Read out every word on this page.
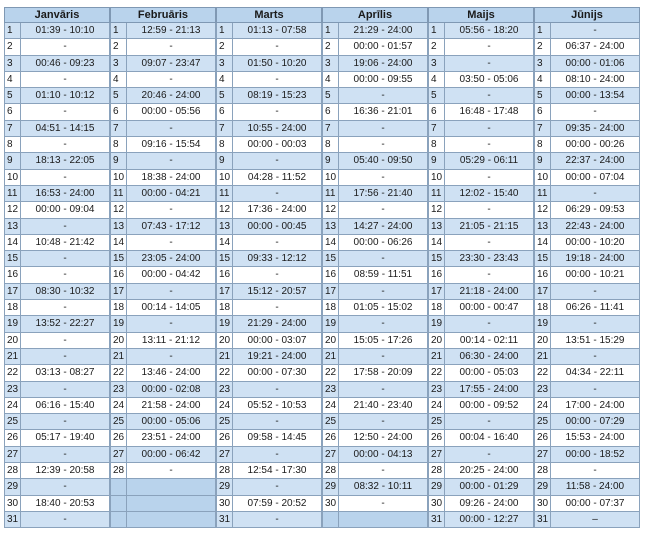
Janvāris
1	01:39 - 10:10
2	-
3	00:46 - 09:23
4	-
5	01:10 - 10:12
6	-
7	04:51 - 14:15
8	-
9	18:13 - 22:05
10	-
11	16:53 - 24:00
12	00:00 - 09:04
13	-
14	10:48 - 21:42
15	-
16	-
17	08:30 - 10:32
18	-
19	13:52 - 22:27
20	-
21	-
22	03:13 - 08:27
23	-
24	06:16 - 15:40
25	-
26	05:17 - 19:40
27	-
28	12:39 - 20:58
29	-
30	18:40 - 20:53
31	-
Februāris
1	12:59 - 21:13
2	-
3	09:07 - 23:47
4	-
5	20:46 - 24:00
6	00:00 - 05:56
7	-
8	09:16 - 15:54
9	-
10	18:38 - 24:00
11	00:00 - 04:21
12	-
13	07:43 - 17:12
14	-
15	23:05 - 24:00
16	00:00 - 04:42
17	-
18	00:14 - 14:05
19	-
20	13:11 - 21:12
21	-
22	13:46 - 24:00
23	00:00 - 02:08
24	21:58 - 24:00
25	00:00 - 05:06
26	23:51 - 24:00
27	00:00 - 06:42
28	-
Marts
1	01:13 - 07:58
2	-
3	01:50 - 10:20
4	-
5	08:19 - 15:23
6	-
7	10:55 - 24:00
8	00:00 - 00:03
9	-
10	04:28 - 11:52
11	-
12	17:36 - 24:00
13	00:00 - 00:45
14	-
15	09:33 - 12:12
16	-
17	15:12 - 20:57
18	-
19	21:29 - 24:00
20	00:00 - 03:07
21	19:21 - 24:00
22	00:00 - 07:30
23	-
24	05:52 - 10:53
25	-
26	09:58 - 14:45
27	-
28	12:54 - 17:30
29	-
30	07:59 - 20:52
31	-
Aprīlis
1	21:29 - 24:00
2	00:00 - 01:57
3	19:06 - 24:00
4	00:00 - 09:55
5	-
6	16:36 - 21:01
7	-
8	-
9	05:40 - 09:50
10	-
11	17:56 - 21:40
12	-
13	14:27 - 24:00
14	00:00 - 06:26
15	-
16	08:59 - 11:51
17	-
18	01:05 - 15:02
19	-
20	15:05 - 17:26
21	-
22	17:58 - 20:09
23	-
24	21:40 - 23:40
25	-
26	12:50 - 24:00
27	00:00 - 04:13
28	-
29	08:32 - 10:11
30	-
Maijs
1	05:56 - 18:20
2	-
3	-
4	03:50 - 05:06
5	-
6	16:48 - 17:48
7	-
8	-
9	05:29 - 06:11
10	-
11	12:02 - 15:40
12	-
13	21:05 - 21:15
14	-
15	23:30 - 23:43
16	-
17	21:18 - 24:00
18	00:00 - 00:47
19	-
20	00:14 - 02:11
21	06:30 - 24:00
22	00:00 - 05:03
23	17:55 - 24:00
24	00:00 - 09:52
25	-
26	00:04 - 16:40
27	-
28	20:25 - 24:00
29	00:00 - 01:29
30	09:26 - 24:00
31	00:00 - 12:27
Jūnijs
1	-
2	06:37 - 24:00
3	00:00 - 01:06
4	08:10 - 24:00
5	00:00 - 13:54
6	-
7	09:35 - 24:00
8	00:00 - 00:26
9	22:37 - 24:00
10	00:00 - 07:04
11	-
12	06:29 - 09:53
13	22:43 - 24:00
14	00:00 - 10:20
15	19:18 - 24:00
16	00:00 - 10:21
17	-
18	06:26 - 11:41
19	-
20	13:51 - 15:29
21	-
22	04:34 - 22:11
23	-
24	17:00 - 24:00
25	00:00 - 07:29
26	15:53 - 24:00
27	00:00 - 18:52
28	-
29	11:58 - 24:00
30	00:00 - 07:37
31	–
